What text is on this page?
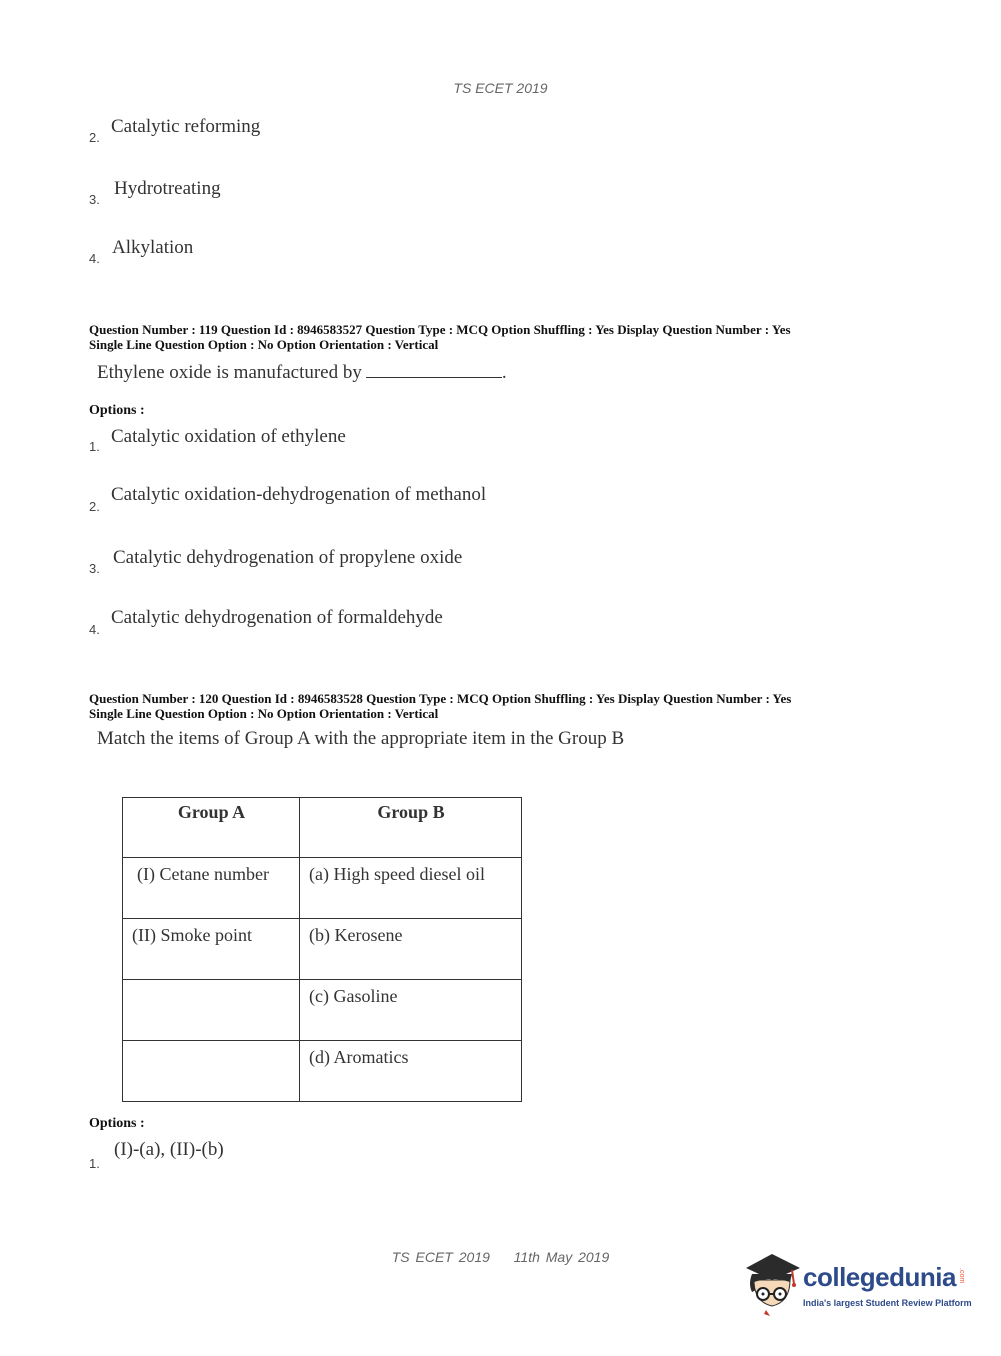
TS ECET 2019
2.
Catalytic reforming
3.
Hydrotreating
4.
Alkylation
Question Number : 119 Question Id : 8946583527 Question Type : MCQ Option Shuffling : Yes Display Question Number : Yes
Single Line Question Option : No Option Orientation : Vertical
Ethylene oxide is manufactured by	.
Options :
1. Catalytic oxidation of ethylene
2.
Catalytic oxidation-dehydrogenation of methanol
3.
Catalytic dehydrogenation of propylene oxide
4.
Catalytic dehydrogenation of formaldehyde
Question Number : 120 Question Id : 8946583528 Question Type : MCQ Option Shuffling : Yes Display Question Number : Yes
Single Line Question Option : No Option Orientation : Vertical
Match the items of Group A with the appropriate item in the Group B
Group A	Group B

(I) Cetane number	(a) High speed diesel oil

(II) Smoke point	(b) Kerosene

	(c) Gasoline

	(d) Aromatics
Options :
1.
(I)-(a), (II)-(b)
TS ECET 2019 11th May 2019
collegedunia .com
India's largest Student Review Platform
